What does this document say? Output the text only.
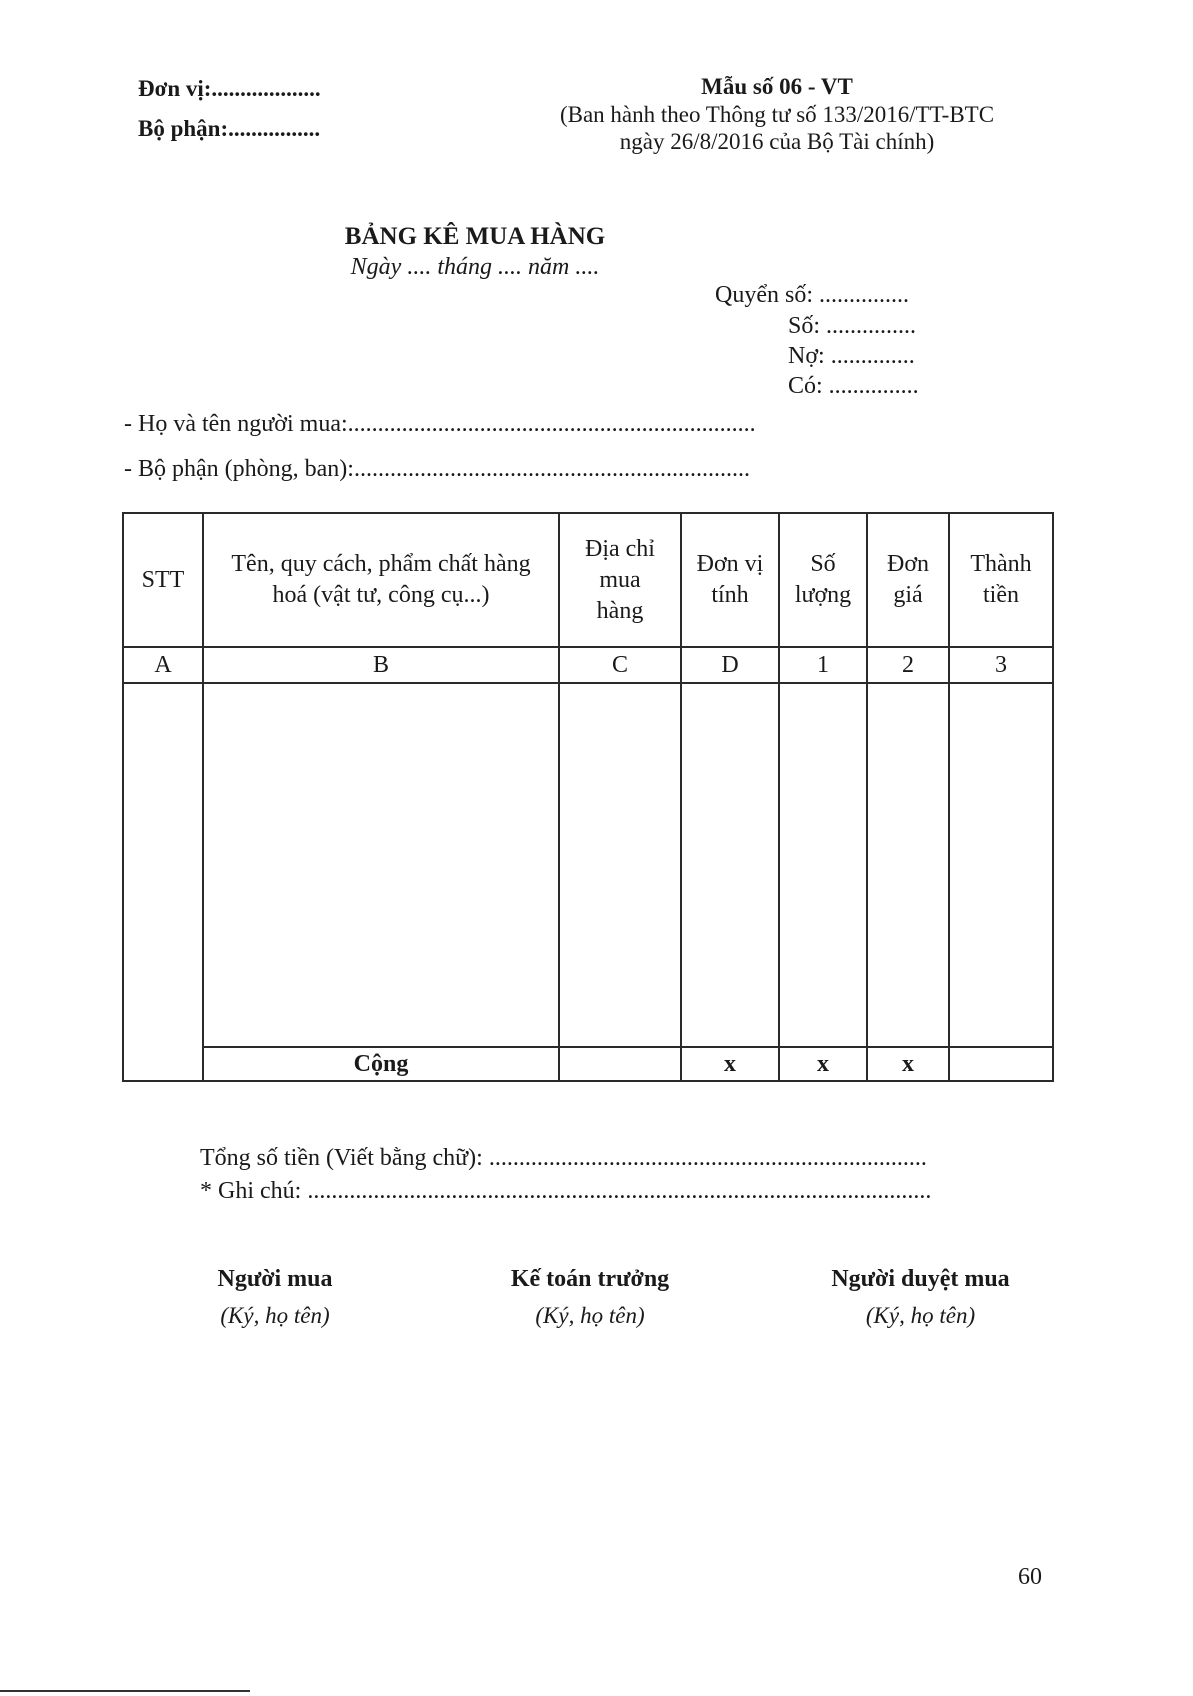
Đơn vị:...................
Bộ phận:................
Mẫu số 06 - VT
(Ban hành theo Thông tư số 133/2016/TT-BTC
ngày 26/8/2016 của Bộ Tài chính)
BẢNG KÊ MUA HÀNG
Ngày .... tháng .... năm ....
Quyển số: ...............
Số: ...............
Nợ: ..............
Có: ...............
- Họ và tên người mua:....................................................................
- Bộ phận (phòng, ban):..................................................................
STT	Tên, quy cách, phẩm chất hàng hoá (vật tư, công cụ...)	Địa chỉ mua hàng	Đơn vị tính	Số lượng	Đơn giá	Thành tiền
A	B	C	D	1	2	3

	Cộng		x	x	x	
Tổng số tiền (Viết bằng chữ): .........................................................................
* Ghi chú: ........................................................................................................
Người mua
(Ký, họ tên)
Kế toán trưởng
(Ký, họ tên)
Người duyệt mua
(Ký, họ tên)
60
